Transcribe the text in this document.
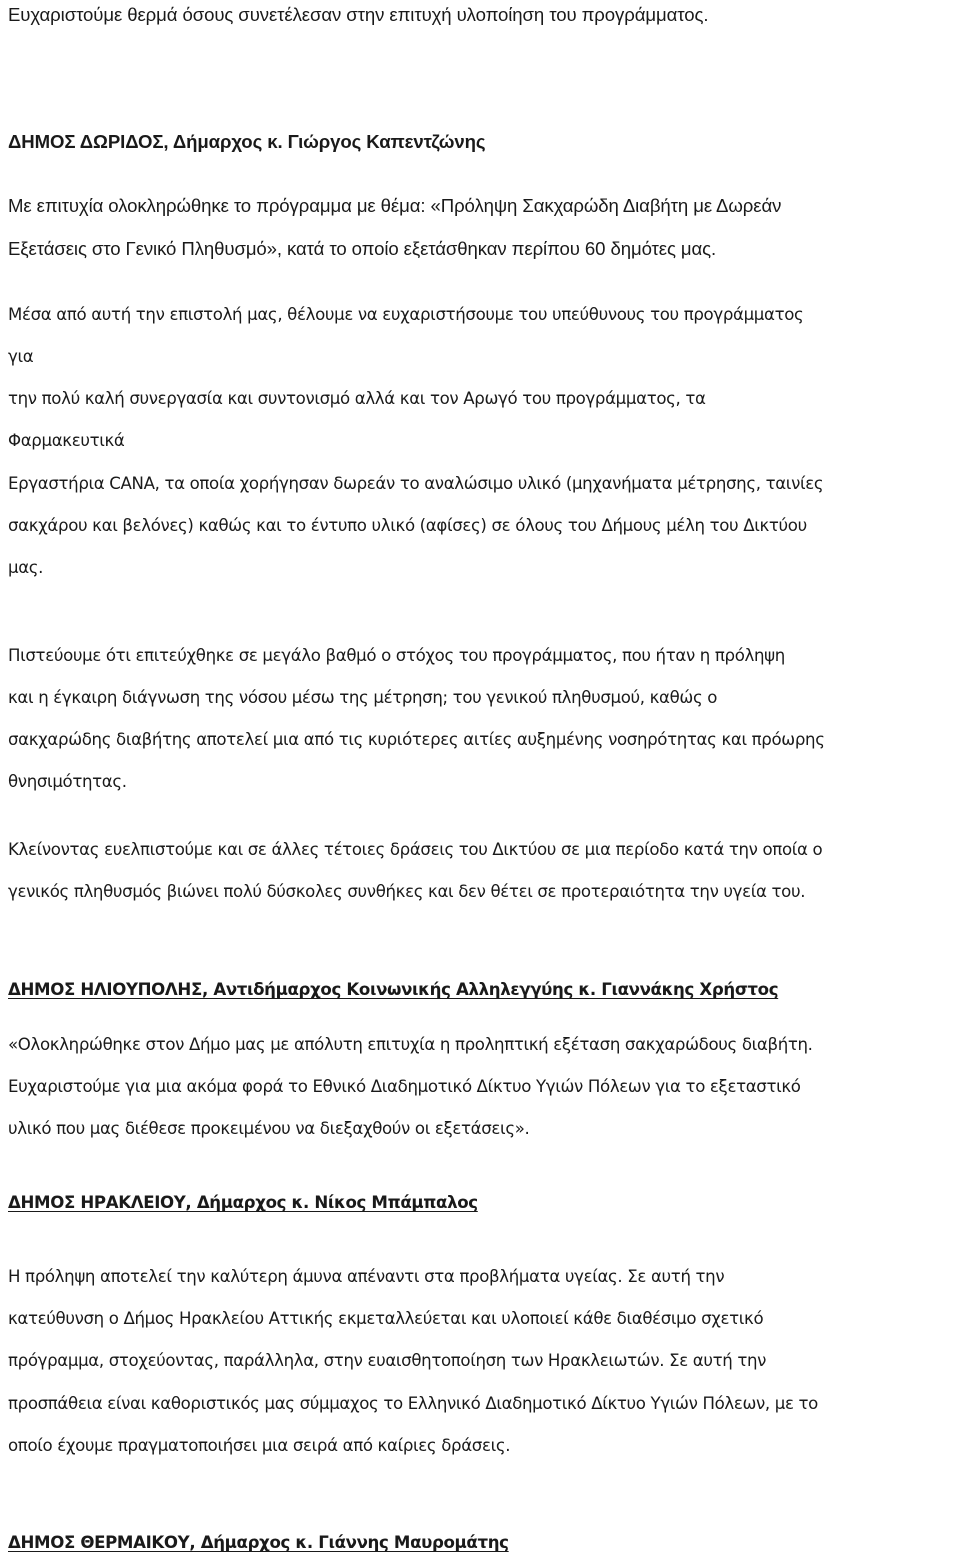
Ευχαριστούμε θερμά όσους συνετέλεσαν στην επιτυχή υλοποίηση του προγράμματος.
ΔΗΜΟΣ ΔΩΡΙΔΟΣ, Δήμαρχος κ. Γιώργος Καπεντζώνης
Με επιτυχία ολοκληρώθηκε το πρόγραμμα με θέμα: «Πρόληψη Σακχαρώδη Διαβήτη με Δωρεάν
Εξετάσεις στο Γενικό Πληθυσμό», κατά το οποίο εξετάσθηκαν περίπου 60 δημότες μας.
Μέσα από αυτή την επιστολή μας, θέλουμε να ευχαριστήσουμε του υπεύθυνους του προγράμματος
για
την πολύ καλή συνεργασία και συντονισμό αλλά και τον Αρωγό του προγράμματος, τα
Φαρμακευτικά
Εργαστήρια CANA, τα οποία χορήγησαν δωρεάν το αναλώσιμο υλικό (μηχανήματα μέτρησης, ταινίες
σακχάρου και βελόνες) καθώς και το έντυπο υλικό (αφίσες) σε όλους του Δήμους μέλη του Δικτύου
μας.
Πιστεύουμε ότι επιτεύχθηκε σε μεγάλο βαθμό ο στόχος του προγράμματος, που ήταν η πρόληψη
και η έγκαιρη διάγνωση της νόσου μέσω της μέτρηση; του γενικού πληθυσμού, καθώς ο
σακχαρώδης διαβήτης αποτελεί μια από τις κυριότερες αιτίες αυξημένης νοσηρότητας και πρόωρης
θνησιμότητας.
Κλείνοντας ευελπιστούμε και σε άλλες τέτοιες δράσεις του Δικτύου σε μια περίοδο κατά την οποία ο
γενικός πληθυσμός βιώνει πολύ δύσκολες συνθήκες και δεν θέτει σε προτεραιότητα την υγεία του.
ΔΗΜΟΣ ΗΛΙΟΥΠΟΛΗΣ, Αντιδήμαρχος Κοινωνικής Αλληλεγγύης κ. Γιαννάκης Χρήστος
«Ολοκληρώθηκε στον Δήμο μας με απόλυτη επιτυχία η προληπτική εξέταση σακχαρώδους διαβήτη.
Ευχαριστούμε για μια ακόμα φορά το Εθνικό Διαδημοτικό Δίκτυο Υγιών Πόλεων για το εξεταστικό
υλικό που μας διέθεσε προκειμένου να διεξαχθούν οι εξετάσεις».
ΔΗΜΟΣ ΗΡΑΚΛΕΙΟΥ, Δήμαρχος κ. Νίκος Μπάμπαλος
Η πρόληψη αποτελεί την καλύτερη άμυνα απέναντι στα προβλήματα υγείας. Σε αυτή την
κατεύθυνση ο Δήμος Ηρακλείου Αττικής εκμεταλλεύεται και υλοποιεί κάθε διαθέσιμο σχετικό
πρόγραμμα, στοχεύοντας, παράλληλα, στην ευαισθητοποίηση των Ηρακλειωτών. Σε αυτή την
προσπάθεια είναι καθοριστικός μας σύμμαχος το Ελληνικό Διαδημοτικό Δίκτυο Υγιών Πόλεων, με το
οποίο έχουμε πραγματοποιήσει μια σειρά από καίριες δράσεις.
ΔΗΜΟΣ ΘΕΡΜΑΙΚΟΥ, Δήμαρχος κ. Γιάννης Μαυρομάτης
